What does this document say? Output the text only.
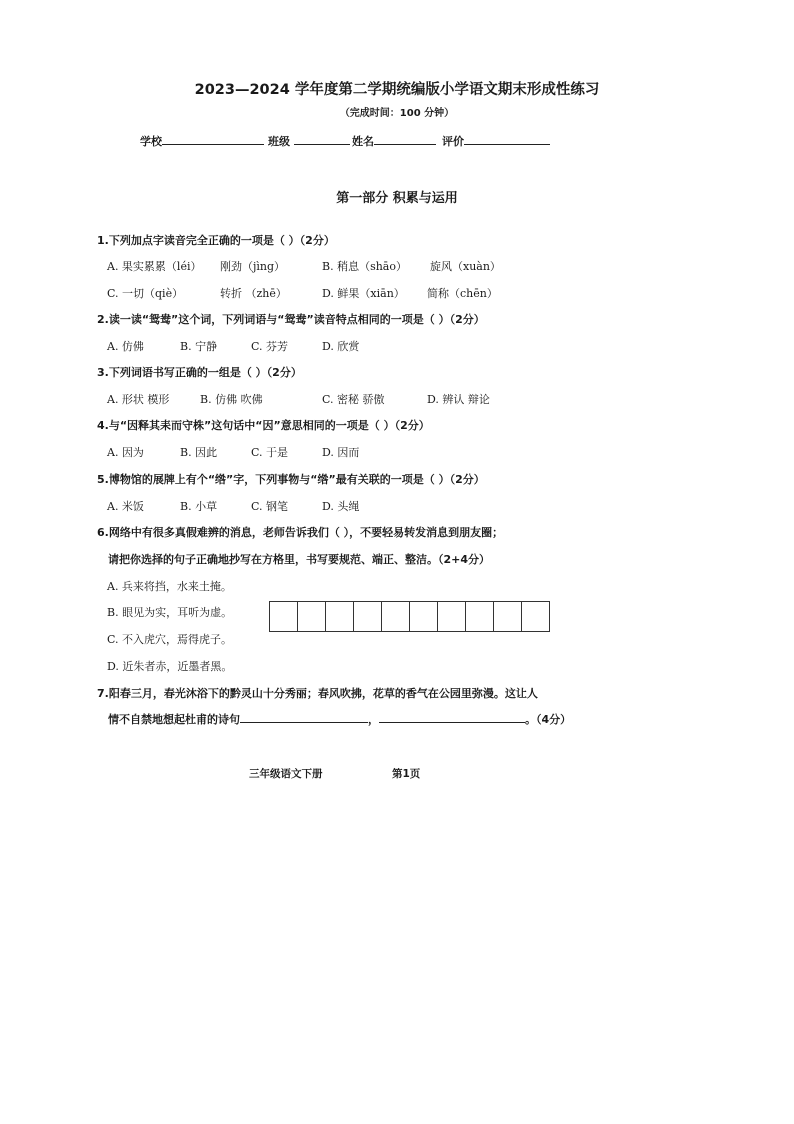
2023—2024 学年度第二学期统编版小学语文期末形成性练习
（完成时间：100 分钟）
学校	班级	姓名	评价
第一部分 积累与运用
1.下列加点字读音完全正确的一项是（ ）（2分）
A. 果实累累（léi） 刚劲（jìng）	B. 稍息（shāo） 旋风（xuàn）
C. 一切（qiè）	转折 （zhē）	D. 鲜果（xiān） 简称（chēn）
2.读一读“鸳鸯”这个词，下列词语与“鸳鸯”读音特点相同的一项是（ ）（2分）
A. 仿佛	B. 宁静	C. 芬芳	D. 欣赏
3.下列词语书写正确的一组是（ ）（2分）
A. 形状 模形	B. 仿佛 吹佛	C. 密秘 骄傲	D. 辨认 辩论
4.与“因释其耒而守株”这句话中“因”意思相同的一项是（ ）（2分）
A. 因为	B. 因此	C. 于是	D. 因而
5.博物馆的展牌上有个“绺”字，下列事物与“绺”最有关联的一项是（ ）（2分）
A. 米饭	B. 小草	C. 钢笔	D. 头绳
6.网络中有很多真假难辨的消息，老师告诉我们（ ），不要轻易转发消息到朋友圈；
请把你选择的句子正确地抄写在方格里，书写要规范、端正、整洁。（2+4分）
A. 兵来将挡，水来土掩。
B. 眼见为实，耳听为虚。
C. 不入虎穴，焉得虎子。
D. 近朱者赤，近墨者黑。
7.阳春三月，春光沐浴下的黔灵山十分秀丽；春风吹拂，花草的香气在公园里弥漫。这让人
情不自禁地想起杜甫的诗句	，	。（4分）
三年级语文下册	第1页
